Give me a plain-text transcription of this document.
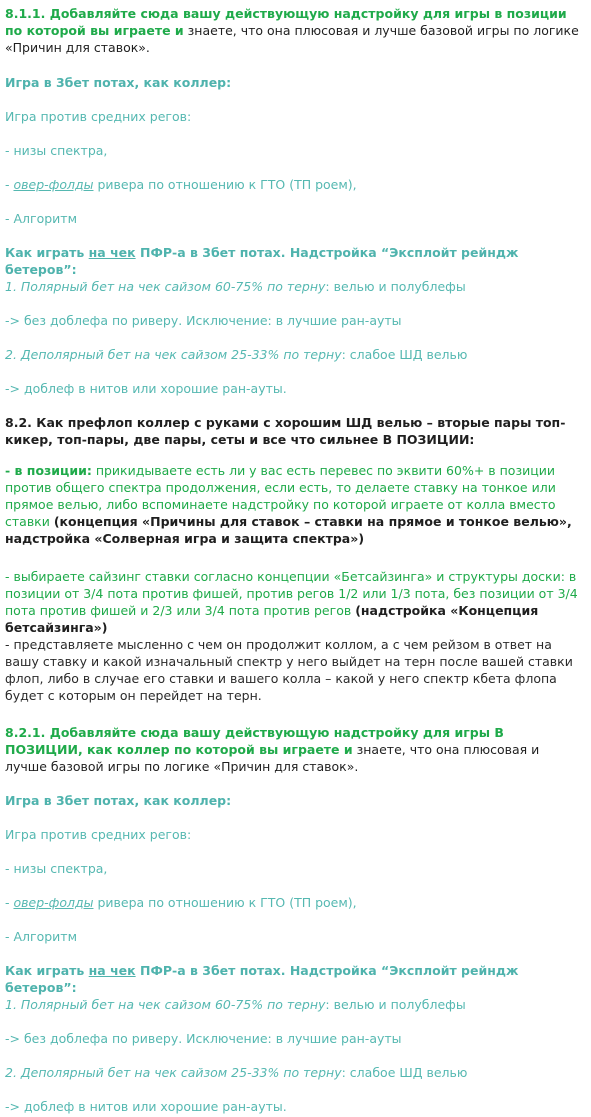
8.1.1. Добавляйте сюда вашу действующую надстройку для игры в позиции по которой вы играете и знаете, что она плюсовая и лучше базовой игры по логике «Причин для ставок».

Игра в 3бет потах, как коллер:

Игра против средних регов:

- низы спектра,

- овер-фолды ривера по отношению к ГТО (ТП роем),

- Алгоритм

Как играть на чек ПФР-а в 3бет потах. Надстройка “Эксплойт рейндж бетеров”:

1. Полярный бет на чек сайзом 60-75% по терну: велью и полублефы

-> без доблефа по риверу. Исключение: в лучшие ран-ауты

2. Деполярный бет на чек сайзом 25-33% по терну: слабое ШД велью

-> доблеф в нитов или хорошие ран-ауты.

8.2. Как префлоп коллер с руками с хорошим ШД велью – вторые пары топ-кикер, топ-пары, две пары, сеты и все что сильнее В ПОЗИЦИИ:

- в позиции: прикидываете есть ли у вас есть перевес по эквити 60%+ в позиции против общего спектра продолжения, если есть, то делаете ставку на тонкое или прямое велью, либо вспоминаете надстройку по которой играете от колла вместо ставки (концепция «Причины для ставок – ставки на прямое и тонкое велью», надстройка «Солверная игра и защита спектра»)

- выбираете сайзинг ставки согласно концепции «Бетсайзинга» и структуры доски: в позиции от 3/4 пота против фишей, против регов 1/2 или 1/3 пота, без позиции от 3/4 пота против фишей и 2/3 или 3/4 пота против регов (надстройка «Концепция бетсайзинга»)

- представляете мысленно с чем он продолжит коллом, а с чем рейзом в ответ на вашу ставку и какой изначальный спектр у него выйдет на терн после вашей ставки флоп, либо в случае его ставки и вашего колла – какой у него спектр кбета флопа будет с которым он перейдет на терн.

8.2.1. Добавляйте сюда вашу действующую надстройку для игры В ПОЗИЦИИ, как коллер по которой вы играете и знаете, что она плюсовая и лучше базовой игры по логике «Причин для ставок».

Игра в 3бет потах, как коллер:

Игра против средних регов:

- низы спектра,

- овер-фолды ривера по отношению к ГТО (ТП роем),

- Алгоритм

Как играть на чек ПФР-а в 3бет потах. Надстройка “Эксплойт рейндж бетеров”:

1. Полярный бет на чек сайзом 60-75% по терну: велью и полублефы

-> без доблефа по риверу. Исключение: в лучшие ран-ауты

2. Деполярный бет на чек сайзом 25-33% по терну: слабое ШД велью

-> доблеф в нитов или хорошие ран-ауты.
